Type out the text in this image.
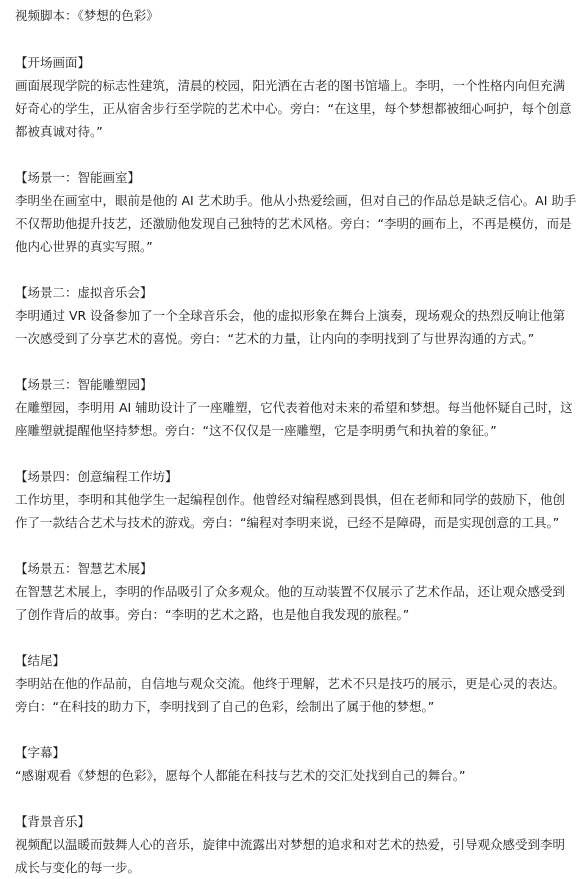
视频脚本：《梦想的色彩》

【开场画面】

画面展现学院的标志性建筑，清晨的校园，阳光洒在古老的图书馆墙上。李明，一个性格内向但充满好奇心的学生，正从宿舍步行至学院的艺术中心。旁白：“在这里，每个梦想都被细心呵护，每个创意都被真诚对待。”

【场景一：智能画室】

李明坐在画室中，眼前是他的 AI 艺术助手。他从小热爱绘画，但对自己的作品总是缺乏信心。AI 助手不仅帮助他提升技艺，还激励他发现自己独特的艺术风格。旁白：“李明的画布上，不再是模仿，而是他内心世界的真实写照。”

【场景二：虚拟音乐会】

李明通过 VR 设备参加了一个全球音乐会，他的虚拟形象在舞台上演奏，现场观众的热烈反响让他第一次感受到了分享艺术的喜悦。旁白：“艺术的力量，让内向的李明找到了与世界沟通的方式。”

【场景三：智能雕塑园】

在雕塑园，李明用 AI 辅助设计了一座雕塑，它代表着他对未来的希望和梦想。每当他怀疑自己时，这座雕塑就提醒他坚持梦想。旁白：“这不仅仅是一座雕塑，它是李明勇气和执着的象征。”

【场景四：创意编程工作坊】

工作坊里，李明和其他学生一起编程创作。他曾经对编程感到畏惧，但在老师和同学的鼓励下，他创作了一款结合艺术与技术的游戏。旁白：“编程对李明来说，已经不是障碍，而是实现创意的工具。”

【场景五：智慧艺术展】

在智慧艺术展上，李明的作品吸引了众多观众。他的互动装置不仅展示了艺术作品，还让观众感受到了创作背后的故事。旁白：“李明的艺术之路，也是他自我发现的旅程。”

【结尾】

李明站在他的作品前，自信地与观众交流。他终于理解，艺术不只是技巧的展示，更是心灵的表达。旁白：“在科技的助力下，李明找到了自己的色彩，绘制出了属于他的梦想。”

【字幕】

“感谢观看《梦想的色彩》，愿每个人都能在科技与艺术的交汇处找到自己的舞台。”

【背景音乐】

视频配以温暖而鼓舞人心的音乐，旋律中流露出对梦想的追求和对艺术的热爱，引导观众感受到李明成长与变化的每一步。
